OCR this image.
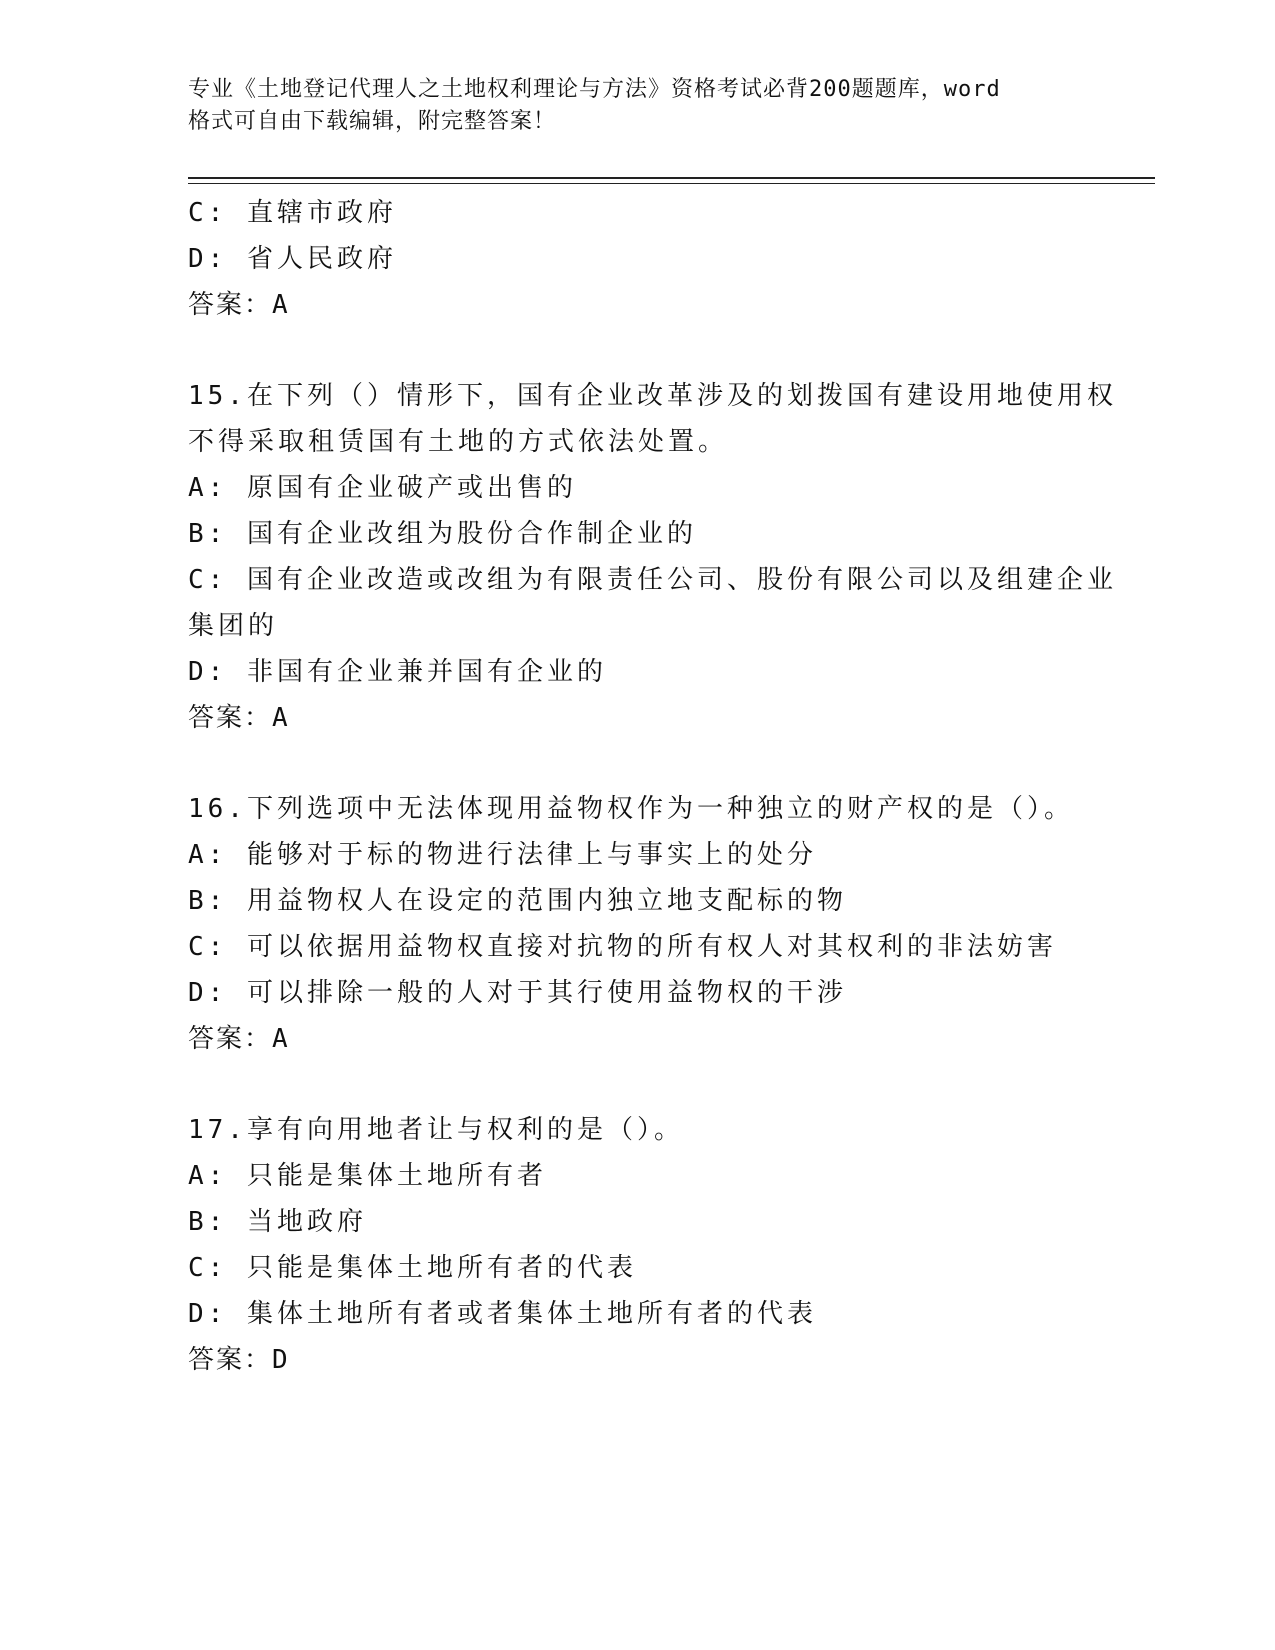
专业《土地登记代理人之土地权利理论与方法》资格考试必背200题题库，word
格式可自由下载编辑，附完整答案！
C: 直辖市政府
D: 省人民政府
答案：A
15.在下列（）情形下，国有企业改革涉及的划拨国有建设用地使用权
不得采取租赁国有土地的方式依法处置。
A: 原国有企业破产或出售的
B: 国有企业改组为股份合作制企业的
C: 国有企业改造或改组为有限责任公司、股份有限公司以及组建企业
集团的
D: 非国有企业兼并国有企业的
答案：A
16.下列选项中无法体现用益物权作为一种独立的财产权的是（）。
A: 能够对于标的物进行法律上与事实上的处分
B: 用益物权人在设定的范围内独立地支配标的物
C: 可以依据用益物权直接对抗物的所有权人对其权利的非法妨害
D: 可以排除一般的人对于其行使用益物权的干涉
答案：A
17.享有向用地者让与权利的是（）。
A: 只能是集体土地所有者
B: 当地政府
C: 只能是集体土地所有者的代表
D: 集体土地所有者或者集体土地所有者的代表
答案：D
